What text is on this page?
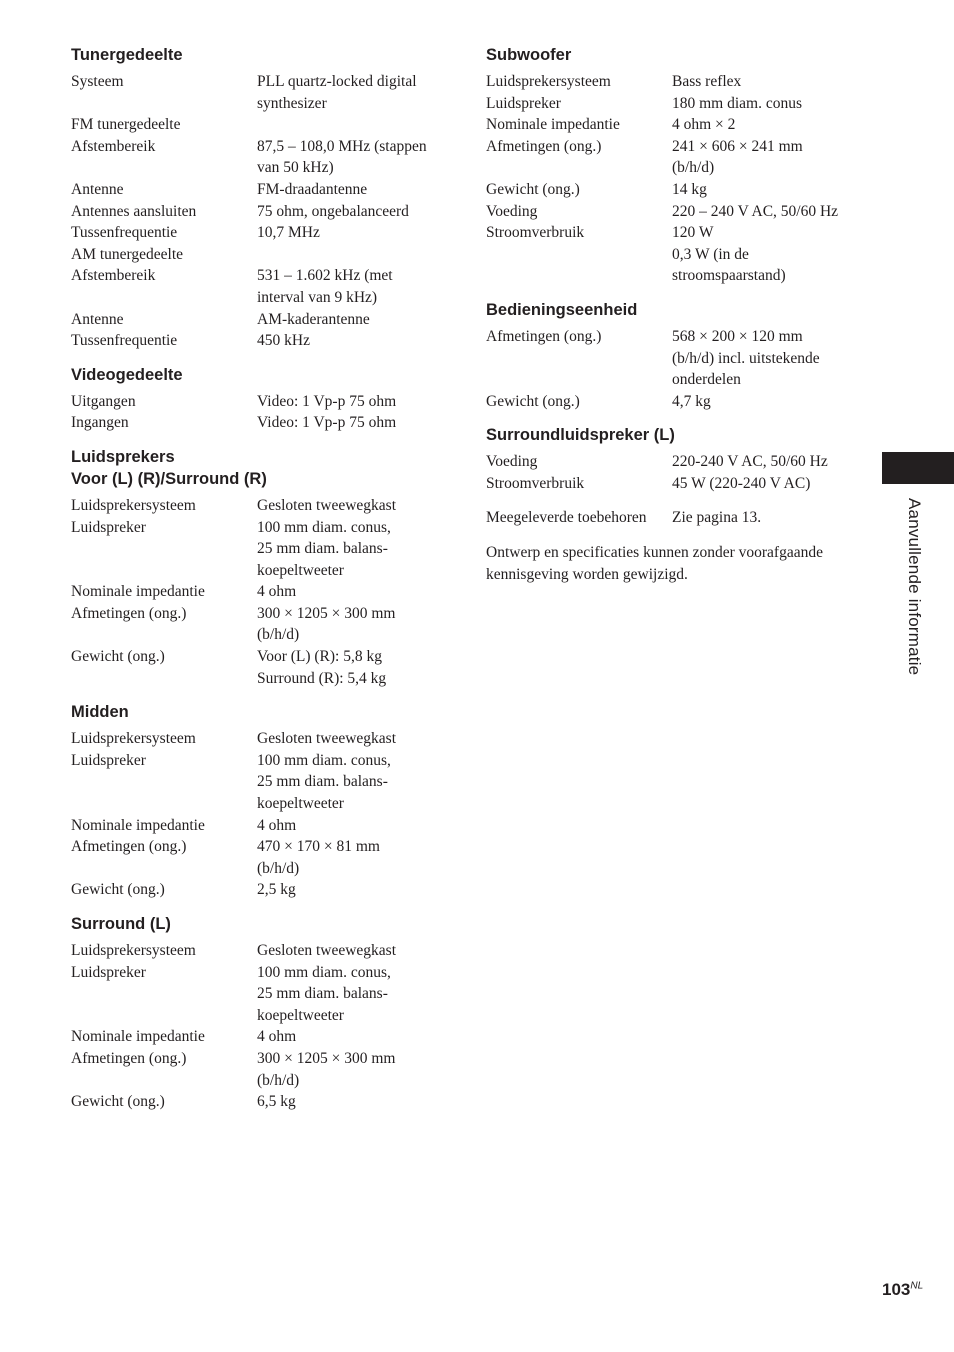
Tunergedeelte
Systeem	PLL quartz-locked digital
synthesizer
FM tunergedeelte
Afstembereik	87,5 – 108,0 MHz (stappen
van 50 kHz)
Antenne	FM-draadantenne
Antennes aansluiten	75 ohm, ongebalanceerd
Tussenfrequentie	10,7 MHz
AM tunergedeelte
Afstembereik	531 – 1.602 kHz (met
interval van 9 kHz)
Antenne	AM-kaderantenne
Tussenfrequentie	450 kHz
Videogedeelte
Uitgangen	Video: 1 Vp-p 75 ohm
Ingangen	Video: 1 Vp-p 75 ohm
Luidsprekers
Voor (L) (R)/Surround (R)
Luidsprekersysteem	Gesloten tweewegkast
Luidspreker	100 mm diam. conus,
25 mm diam. balans-
koepeltweeter
Nominale impedantie	4 ohm
Afmetingen (ong.)	300 × 1205 × 300 mm
(b/h/d)
Gewicht (ong.)	Voor (L) (R): 5,8 kg
Surround (R): 5,4 kg
Midden
Luidsprekersysteem	Gesloten tweewegkast
Luidspreker	100 mm diam. conus,
25 mm diam. balans-
koepeltweeter
Nominale impedantie	4 ohm
Afmetingen (ong.)	470 × 170 × 81 mm
(b/h/d)
Gewicht (ong.)	2,5 kg
Surround (L)
Luidsprekersysteem	Gesloten tweewegkast
Luidspreker	100 mm diam. conus,
25 mm diam. balans-
koepeltweeter
Nominale impedantie	4 ohm
Afmetingen (ong.)	300 × 1205 × 300 mm
(b/h/d)
Gewicht (ong.)	6,5 kg
Subwoofer
Luidsprekersysteem	Bass reflex
Luidspreker	180 mm diam. conus
Nominale impedantie	4 ohm × 2
Afmetingen (ong.)	241 × 606 × 241 mm
(b/h/d)
Gewicht (ong.)	14 kg
Voeding	220 – 240 V AC, 50/60 Hz
Stroomverbruik	120 W
0,3 W (in de
stroomspaarstand)
Bedieningseenheid
Afmetingen (ong.)	568 × 200 × 120 mm
(b/h/d) incl. uitstekende
onderdelen
Gewicht (ong.)	4,7 kg
Surroundluidspreker (L)
Voeding	220-240 V AC, 50/60 Hz
Stroomverbruik	45 W (220-240 V AC)
Meegeleverde toebehoren	Zie pagina 13.
Ontwerp en specificaties kunnen zonder voorafgaande
kennisgeving worden gewijzigd.	Aanvullende informatie
$103^{NL}$
